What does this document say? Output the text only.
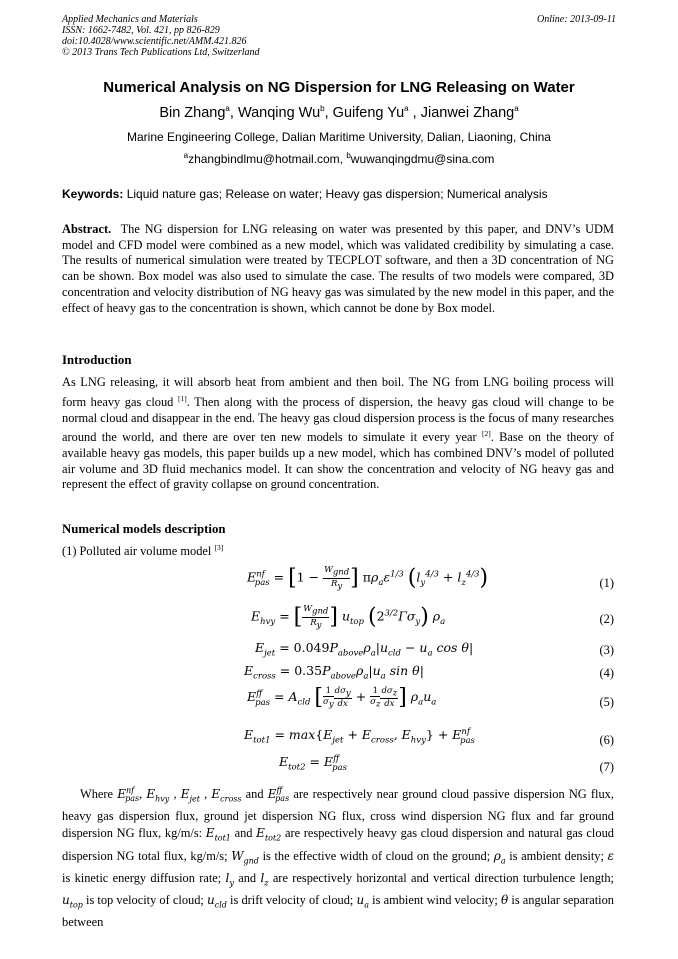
Applied Mechanics and Materials
ISSN: 1662-7482, Vol. 421, pp 826-829
doi:10.4028/www.scientific.net/AMM.421.826
© 2013 Trans Tech Publications Ltd, Switzerland
Online: 2013-09-11
Numerical Analysis on NG Dispersion for LNG Releasing on Water
Bin Zhang$^a$, Wanqing Wu$^b$, Guifeng Yu$^a$ , Jianwei Zhang$^a$
Marine Engineering College, Dalian Maritime University, Dalian, Liaoning, China
$^a$zhangbindlmu@hotmail.com, $^b$wuwanqingdmu@sina.com
Keywords: Liquid nature gas; Release on water; Heavy gas dispersion; Numerical analysis
Abstract. The NG dispersion for LNG releasing on water was presented by this paper, and DNV’s UDM model and CFD model were combined as a new model, which was validated credibility by simulating a case. The results of numerical simulation were treated by TECPLOT software, and then a 3D concentration of NG can be shown. Box model was also used to simulate the case. The results of two models were compared, 3D concentration and velocity distribution of NG heavy gas was simulated by the new model in this paper, and the effect of heavy gas to the concentration is shown, which cannot be done by Box model.
Introduction
As LNG releasing, it will absorb heat from ambient and then boil. The NG from LNG boiling process will form heavy gas cloud [1]. Then along with the process of dispersion, the heavy gas cloud will change to be normal cloud and disappear in the end. The heavy gas cloud dispersion process is the focus of many researches around the world, and there are over ten new models to simulate it every year [2]. Base on the theory of available heavy gas models, this paper builds up a new model, which has combined DNV’s model of polluted air volume and 3D fluid mechanics model. It can show the concentration and velocity of NG heavy gas and represent the effect of gravity collapse on ground concentration.
Numerical models description
(1) Polluted air volume model [3]
$E^{nf}_{pas} = [1 - \frac{W_{gnd}}{R_y}$ ] $\pi\rho_a\varepsilon^{1/3}$ $(l_y^{4/3} + l_z^{4/3})$	(1)
$E_{hvy}$ = [ $\frac{W_{gnd}}{R_y}$ ] $u_{top}$ $(2^{3/2}\Gamma\sigma_y)$ $\rho_a$	(2)
$E_{jet} = 0.049P_{above}\rho_a|u_{cld} - u_a$ cos θ|	(3)
$E_{cross} = 0.35P_{above}\rho_a|u_a$ sin θ|	(4)
$E^{ff}_{pas} = A_{cld}$ [ $\frac{1}{\sigma_y} \frac{d\sigma_y}{dx} + \frac{1}{\sigma_z} \frac{d\sigma_z}{dx}$ ] $\rho_au_a$	(5)
$E_{tot1} = \max\{E_{jet} + E_{cross}$, $E_{hvy}\} + E^{nf}_{pas}$	(6)
$E_{tot2} = E^{ff}_{pas}$	(7)
Where $E^{nf}_{pas}$, $E_{hvy}$ , $E_{jet}$ , $E_{cross}$ and $E^{ff}_{pas}$ are respectively near ground cloud passive dispersion NG flux, heavy gas dispersion flux, ground jet dispersion NG flux, cross wind dispersion NG flux and far ground dispersion NG flux, kg/m/s: $E_{tot1}$ and $E_{tot2}$ are respectively heavy gas cloud dispersion and natural gas cloud dispersion NG total flux, kg/m/s; $W_{gnd}$ is the effective width of cloud on the ground; $\rho_a$ is ambient density; ε is kinetic energy diffusion rate; $l_y$ and $l_z$ are respectively horizontal and vertical direction turbulence length; $u_{top}$ is top velocity of cloud; $u_{cld}$ is drift velocity of cloud; $u_a$ is ambient wind velocity; θ is angular separation between
